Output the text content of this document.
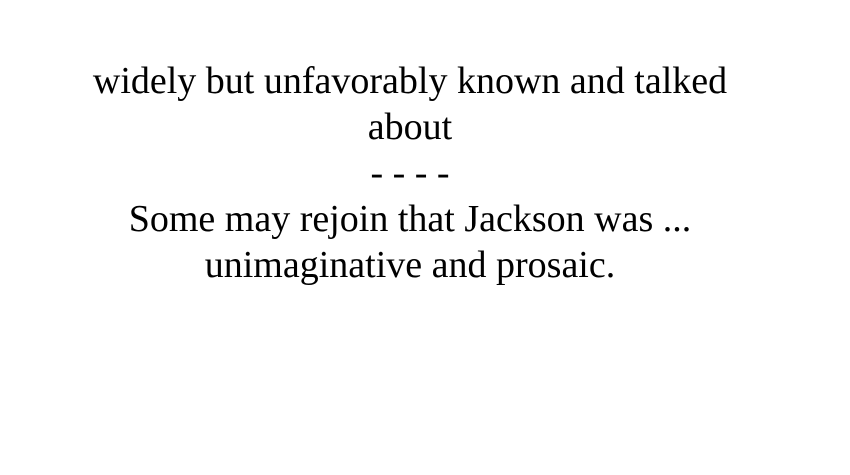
widely but unfavorably known and talked
about
- - - -
Some may rejoin that Jackson was ...
unimaginative and prosaic.
